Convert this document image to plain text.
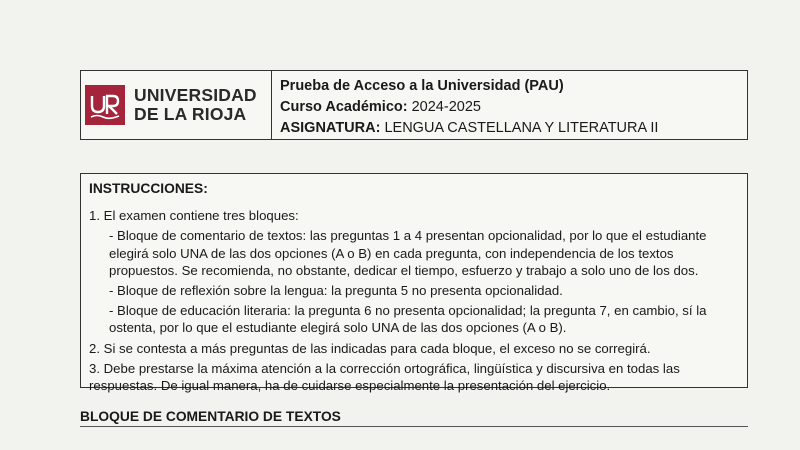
UNIVERSIDAD
DE LA RIOJA
Prueba de Acceso a la Universidad (PAU)
Curso Académico: 2024-2025
ASIGNATURA: LENGUA CASTELLANA Y LITERATURA II
INSTRUCCIONES:
1. El examen contiene tres bloques:
- Bloque de comentario de textos: las preguntas 1 a 4 presentan opcionalidad, por lo que el estudiante elegirá solo UNA de las dos opciones (A o B) en cada pregunta, con independencia de los textos propuestos. Se recomienda, no obstante, dedicar el tiempo, esfuerzo y trabajo a solo uno de los dos.
- Bloque de reflexión sobre la lengua: la pregunta 5 no presenta opcionalidad.
- Bloque de educación literaria: la pregunta 6 no presenta opcionalidad; la pregunta 7, en cambio, sí la ostenta, por lo que el estudiante elegirá solo UNA de las dos opciones (A o B).
2. Si se contesta a más preguntas de las indicadas para cada bloque, el exceso no se corregirá.
3. Debe prestarse la máxima atención a la corrección ortográfica, lingüística y discursiva en todas las respuestas. De igual manera, ha de cuidarse especialmente la presentación del ejercicio.
BLOQUE DE COMENTARIO DE TEXTOS
